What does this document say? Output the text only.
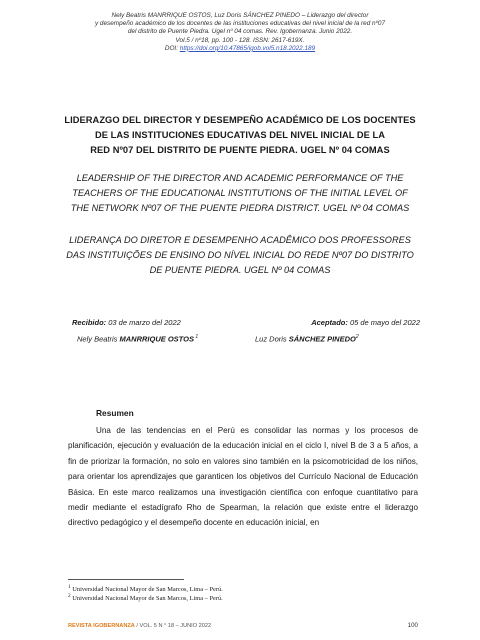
Nely Beatris MANRRIQUE OSTOS, Luz Doris SÁNCHEZ PINEDO – Liderazgo del director
y desempeño académico de los docentes de las instituciones educativas del nivel inicial de la red nº07
del distrito de Puente Piedra. Ugel nº 04 comas. Rev. Igobernanza. Junio 2022.
Vol.5 / nº18, pp. 100 - 128. ISSN: 2617-619X.
DOI: https://doi.org/10.47865/igob.vol5.n18.2022.189
LIDERAZGO DEL DIRECTOR Y DESEMPEÑO ACADÉMICO DE LOS DOCENTES
DE LAS INSTITUCIONES EDUCATIVAS DEL NIVEL INICIAL DE LA
RED Nº07 DEL DISTRITO DE PUENTE PIEDRA. UGEL Nº 04 COMAS
LEADERSHIP OF THE DIRECTOR AND ACADEMIC PERFORMANCE OF THE
TEACHERS OF THE EDUCATIONAL INSTITUTIONS OF THE INITIAL LEVEL OF
THE NETWORK Nº07 OF THE PUENTE PIEDRA DISTRICT. UGEL Nº 04 COMAS
LIDERANÇA DO DIRETOR E DESEMPENHO ACADÊMICO DOS PROFESSORES
DAS INSTITUIÇÕES DE ENSINO DO NÍVEL INICIAL DO REDE Nº07 DO DISTRITO
DE PUENTE PIEDRA. UGEL Nº 04 COMAS
Recibido: 03 de marzo del 2022	Aceptado: 05 de mayo del 2022
Nely Beatris MANRRIQUE OSTOS $^1$	Luz Doris SÁNCHEZ PINEDO$^2$
Resumen

Una de las tendencias en el Perú es consolidar las normas y los procesos de planificación, ejecución y evaluación de la educación inicial en el ciclo I, nivel B de 3 a 5 años, a fin de priorizar la formación, no solo en valores sino también en la psicomotricidad de los niños, para orientar los aprendizajes que garanticen los objetivos del Currículo Nacional de Educación Básica. En este marco realizamos una investigación científica con enfoque cuantitativo para medir mediante el estadígrafo Rho de Spearman, la relación que existe entre el liderazgo directivo pedagógico y el desempeño docente en educación inicial, en

$^1$ Universidad Nacional Mayor de San Marcos, Lima – Perú.
$^2$ Universidad Nacional Mayor de San Marcos, Lima – Perú.
REVISTA IGOBERNANZA / VOL. 5 N ° 18 – JUNIO 2022	100
